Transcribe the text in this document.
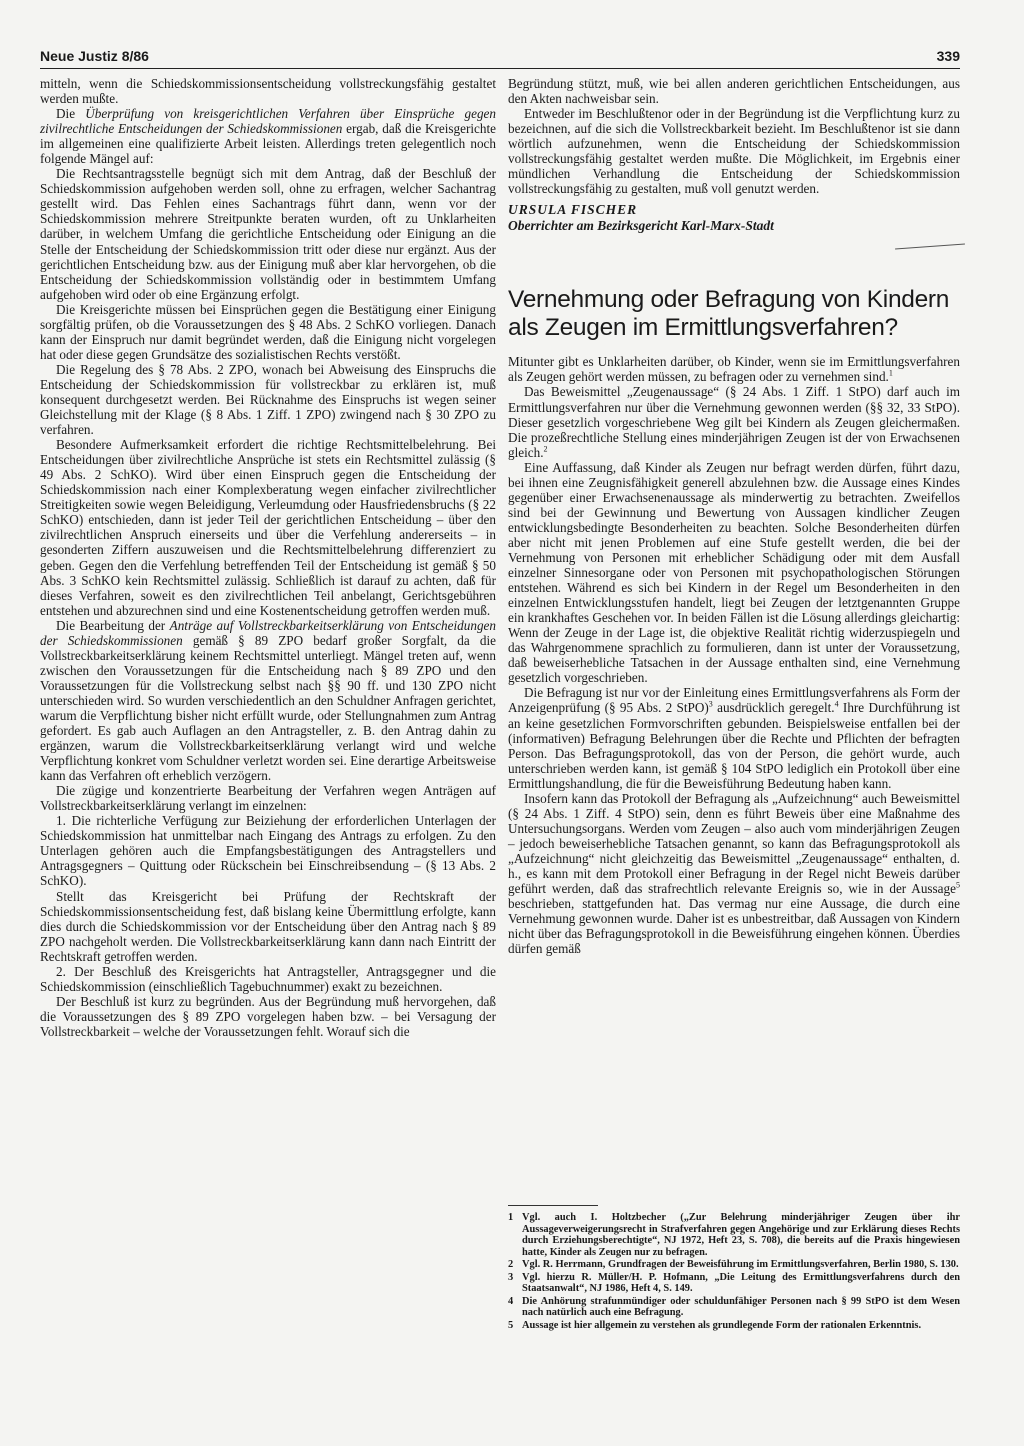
Neue Justiz 8/86	339

mitteln, wenn die Schiedskommissionsentscheidung vollstreckungsfähig gestaltet werden mußte.

Die Überprüfung von kreisgerichtlichen Verfahren über Einsprüche gegen zivilrechtliche Entscheidungen der Schiedskommissionen ergab, daß die Kreisgerichte im allgemeinen eine qualifizierte Arbeit leisten. Allerdings treten gelegentlich noch folgende Mängel auf:

Die Rechtsantragsstelle begnügt sich mit dem Antrag, daß der Beschluß der Schiedskommission aufgehoben werden soll, ohne zu erfragen, welcher Sachantrag gestellt wird. Das Fehlen eines Sachantrags führt dann, wenn vor der Schiedskommission mehrere Streitpunkte beraten wurden, oft zu Unklarheiten darüber, in welchem Umfang die gerichtliche Entscheidung oder Einigung an die Stelle der Entscheidung der Schiedskommission tritt oder diese nur ergänzt. Aus der gerichtlichen Entscheidung bzw. aus der Einigung muß aber klar hervorgehen, ob die Entscheidung der Schiedskommission vollständig oder in bestimmtem Umfang aufgehoben wird oder ob eine Ergänzung erfolgt.

Die Kreisgerichte müssen bei Einsprüchen gegen die Bestätigung einer Einigung sorgfältig prüfen, ob die Voraussetzungen des § 48 Abs. 2 SchKO vorliegen. Danach kann der Einspruch nur damit begründet werden, daß die Einigung nicht vorgelegen hat oder diese gegen Grundsätze des sozialistischen Rechts verstößt.

Die Regelung des § 78 Abs. 2 ZPO, wonach bei Abweisung des Einspruchs die Entscheidung der Schiedskommission für vollstreckbar zu erklären ist, muß konsequent durchgesetzt werden. Bei Rücknahme des Einspruchs ist wegen seiner Gleichstellung mit der Klage (§ 8 Abs. 1 Ziff. 1 ZPO) zwingend nach § 30 ZPO zu verfahren.

Besondere Aufmerksamkeit erfordert die richtige Rechtsmittelbelehrung. Bei Entscheidungen über zivilrechtliche Ansprüche ist stets ein Rechtsmittel zulässig (§ 49 Abs. 2 SchKO). Wird über einen Einspruch gegen die Entscheidung der Schiedskommission nach einer Komplexberatung wegen einfacher zivilrechtlicher Streitigkeiten sowie wegen Beleidigung, Verleumdung oder Hausfriedensbruchs (§ 22 SchKO) entschieden, dann ist jeder Teil der gerichtlichen Entscheidung – über den zivilrechtlichen Anspruch einerseits und über die Verfehlung andererseits – in gesonderten Ziffern auszuweisen und die Rechtsmittelbelehrung differenziert zu geben. Gegen den die Verfehlung betreffenden Teil der Entscheidung ist gemäß § 50 Abs. 3 SchKO kein Rechtsmittel zulässig. Schließlich ist darauf zu achten, daß für dieses Verfahren, soweit es den zivilrechtlichen Teil anbelangt, Gerichtsgebühren entstehen und abzurechnen sind und eine Kostenentscheidung getroffen werden muß.

Die Bearbeitung der Anträge auf Vollstreckbarkeitserklärung von Entscheidungen der Schiedskommissionen gemäß § 89 ZPO bedarf großer Sorgfalt, da die Vollstreckbarkeitserklärung keinem Rechtsmittel unterliegt. Mängel treten auf, wenn zwischen den Voraussetzungen für die Entscheidung nach § 89 ZPO und den Voraussetzungen für die Vollstreckung selbst nach §§ 90 ff. und 130 ZPO nicht unterschieden wird. So wurden verschiedentlich an den Schuldner Anfragen gerichtet, warum die Verpflichtung bisher nicht erfüllt wurde, oder Stellungnahmen zum Antrag gefordert. Es gab auch Auflagen an den Antragsteller, z. B. den Antrag dahin zu ergänzen, warum die Vollstreckbarkeitserklärung verlangt wird und welche Verpflichtung konkret vom Schuldner verletzt worden sei. Eine derartige Arbeitsweise kann das Verfahren oft erheblich verzögern.

Die zügige und konzentrierte Bearbeitung der Verfahren wegen Anträgen auf Vollstreckbarkeitserklärung verlangt im einzelnen:

1. Die richterliche Verfügung zur Beiziehung der erforderlichen Unterlagen der Schiedskommission hat unmittelbar nach Eingang des Antrags zu erfolgen. Zu den Unterlagen gehören auch die Empfangsbestätigungen des Antragstellers und Antragsgegners – Quittung oder Rückschein bei Einschreibsendung – (§ 13 Abs. 2 SchKO).

Stellt das Kreisgericht bei Prüfung der Rechtskraft der Schiedskommissionsentscheidung fest, daß bislang keine Übermittlung erfolgte, kann dies durch die Schiedskommission vor der Entscheidung über den Antrag nach § 89 ZPO nachgeholt werden. Die Vollstreckbarkeitserklärung kann dann nach Eintritt der Rechtskraft getroffen werden.

2. Der Beschluß des Kreisgerichts hat Antragsteller, Antragsgegner und die Schiedskommission (einschließlich Tagebuchnummer) exakt zu bezeichnen.

Der Beschluß ist kurz zu begründen. Aus der Begründung muß hervorgehen, daß die Voraussetzungen des § 89 ZPO vorgelegen haben bzw. – bei Versagung der Vollstreckbarkeit – welche der Voraussetzungen fehlt. Worauf sich die

Begründung stützt, muß, wie bei allen anderen gerichtlichen Entscheidungen, aus den Akten nachweisbar sein.

Entweder im Beschlußtenor oder in der Begründung ist die Verpflichtung kurz zu bezeichnen, auf die sich die Vollstreckbarkeit bezieht. Im Beschlußtenor ist sie dann wörtlich aufzunehmen, wenn die Entscheidung der Schiedskommission vollstreckungsfähig gestaltet werden mußte. Die Möglichkeit, im Ergebnis einer mündlichen Verhandlung die Entscheidung der Schiedskommission vollstreckungsfähig zu gestalten, muß voll genutzt werden.

URSULA FISCHER
Oberrichter am Bezirksgericht Karl-Marx-Stadt
Vernehmung oder Befragung von Kindern als Zeugen im Ermittlungsverfahren?

Mitunter gibt es Unklarheiten darüber, ob Kinder, wenn sie im Ermittlungsverfahren als Zeugen gehört werden müssen, zu befragen oder zu vernehmen sind.$^1$

Das Beweismittel „Zeugenaussage“ (§ 24 Abs. 1 Ziff. 1 StPO) darf auch im Ermittlungsverfahren nur über die Vernehmung gewonnen werden (§§ 32, 33 StPO). Dieser gesetzlich vorgeschriebene Weg gilt bei Kindern als Zeugen gleichermaßen. Die prozeßrechtliche Stellung eines minderjährigen Zeugen ist der von Erwachsenen gleich.$^2$

Eine Auffassung, daß Kinder als Zeugen nur befragt werden dürfen, führt dazu, bei ihnen eine Zeugnisfähigkeit generell abzulehnen bzw. die Aussage eines Kindes gegenüber einer Erwachsenenaussage als minderwertig zu betrachten. Zweifellos sind bei der Gewinnung und Bewertung von Aussagen kindlicher Zeugen entwicklungsbedingte Besonderheiten zu beachten. Solche Besonderheiten dürfen aber nicht mit jenen Problemen auf eine Stufe gestellt werden, die bei der Vernehmung von Personen mit erheblicher Schädigung oder mit dem Ausfall einzelner Sinnesorgane oder von Personen mit psychopathologischen Störungen entstehen. Während es sich bei Kindern in der Regel um Besonderheiten in den einzelnen Entwicklungsstufen handelt, liegt bei Zeugen der letztgenannten Gruppe ein krankhaftes Geschehen vor. In beiden Fällen ist die Lösung allerdings gleichartig: Wenn der Zeuge in der Lage ist, die objektive Realität richtig widerzuspiegeln und das Wahrgenommene sprachlich zu formulieren, dann ist unter der Voraussetzung, daß beweiserhebliche Tatsachen in der Aussage enthalten sind, eine Vernehmung gesetzlich vorgeschrieben.

Die Befragung ist nur vor der Einleitung eines Ermittlungsverfahrens als Form der Anzeigenprüfung (§ 95 Abs. 2 StPO)$^3$ ausdrücklich geregelt.$^4$ Ihre Durchführung ist an keine gesetzlichen Formvorschriften gebunden. Beispielsweise entfallen bei der (informativen) Befragung Belehrungen über die Rechte und Pflichten der befragten Person. Das Befragungsprotokoll, das von der Person, die gehört wurde, auch unterschrieben werden kann, ist gemäß § 104 StPO lediglich ein Protokoll über eine Ermittlungshandlung, die für die Beweisführung Bedeutung haben kann.

Insofern kann das Protokoll der Befragung als „Aufzeichnung“ auch Beweismittel (§ 24 Abs. 1 Ziff. 4 StPO) sein, denn es führt Beweis über eine Maßnahme des Untersuchungsorgans. Werden vom Zeugen – also auch vom minderjährigen Zeugen – jedoch beweiserhebliche Tatsachen genannt, so kann das Befragungsprotokoll als „Aufzeichnung“ nicht gleichzeitig das Beweismittel „Zeugenaussage“ enthalten, d. h., es kann mit dem Protokoll einer Befragung in der Regel nicht Beweis darüber geführt werden, daß das strafrechtlich relevante Ereignis so, wie in der Aussage$^5$ beschrieben, stattgefunden hat. Das vermag nur eine Aussage, die durch eine Vernehmung gewonnen wurde. Daher ist es unbestreitbar, daß Aussagen von Kindern nicht über das Befragungsprotokoll in die Beweisführung eingehen können. Überdies dürfen gemäß

1 Vgl. auch I. Holtzbecher („Zur Belehrung minderjähriger Zeugen über ihr Aussageverweigerungsrecht in Strafverfahren gegen Angehörige und zur Erklärung dieses Rechts durch Erziehungsberechtigte“, NJ 1972, Heft 23, S. 708), die bereits auf die Praxis hingewiesen hatte, Kinder als Zeugen nur zu befragen.
2 Vgl. R. Herrmann, Grundfragen der Beweisführung im Ermittlungsverfahren, Berlin 1980, S. 130.
3 Vgl. hierzu R. Müller/H. P. Hofmann, „Die Leitung des Ermittlungsverfahrens durch den Staatsanwalt“, NJ 1986, Heft 4, S. 149.
4 Die Anhörung strafunmündiger oder schuldunfähiger Personen nach § 99 StPO ist dem Wesen nach natürlich auch eine Befragung.
5 Aussage ist hier allgemein zu verstehen als grundlegende Form der rationalen Erkenntnis.
